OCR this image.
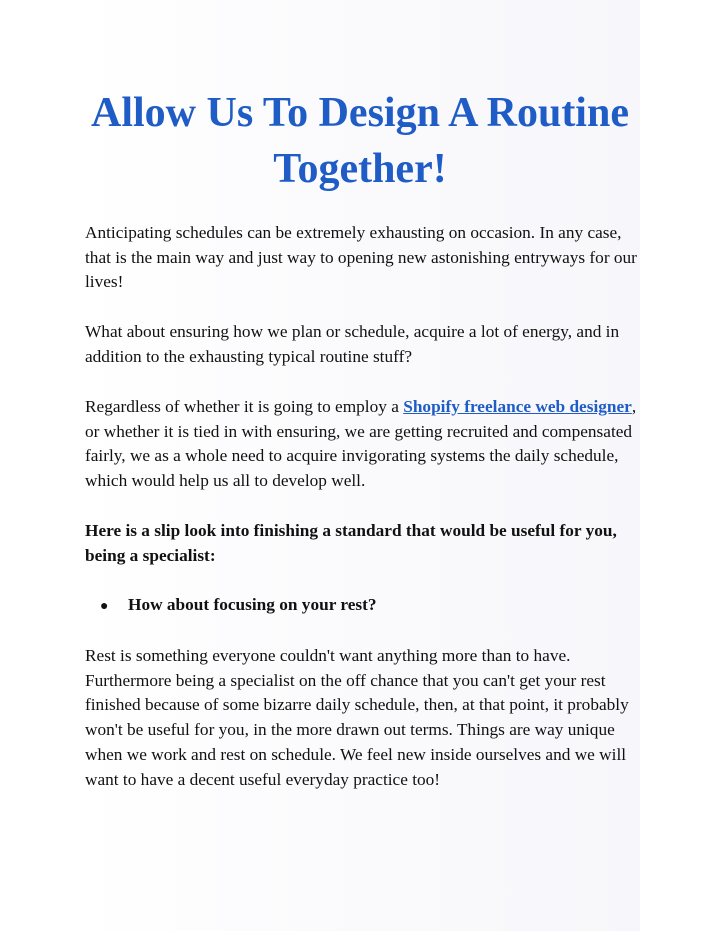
Allow Us To Design A Routine Together!

Anticipating schedules can be extremely exhausting on occasion. In any case, that is the main way and just way to opening new astonishing entryways for our lives!

What about ensuring how we plan or schedule, acquire a lot of energy, and in addition to the exhausting typical routine stuff?

Regardless of whether it is going to employ a Shopify freelance web designer, or whether it is tied in with ensuring, we are getting recruited and compensated fairly, we as a whole need to acquire invigorating systems the daily schedule, which would help us all to develop well.

Here is a slip look into finishing a standard that would be useful for you, being a specialist:

●	How about focusing on your rest?

Rest is something everyone couldn't want anything more than to have. Furthermore being a specialist on the off chance that you can't get your rest finished because of some bizarre daily schedule, then, at that point, it probably won't be useful for you, in the more drawn out terms. Things are way unique when we work and rest on schedule. We feel new inside ourselves and we will want to have a decent useful everyday practice too!
